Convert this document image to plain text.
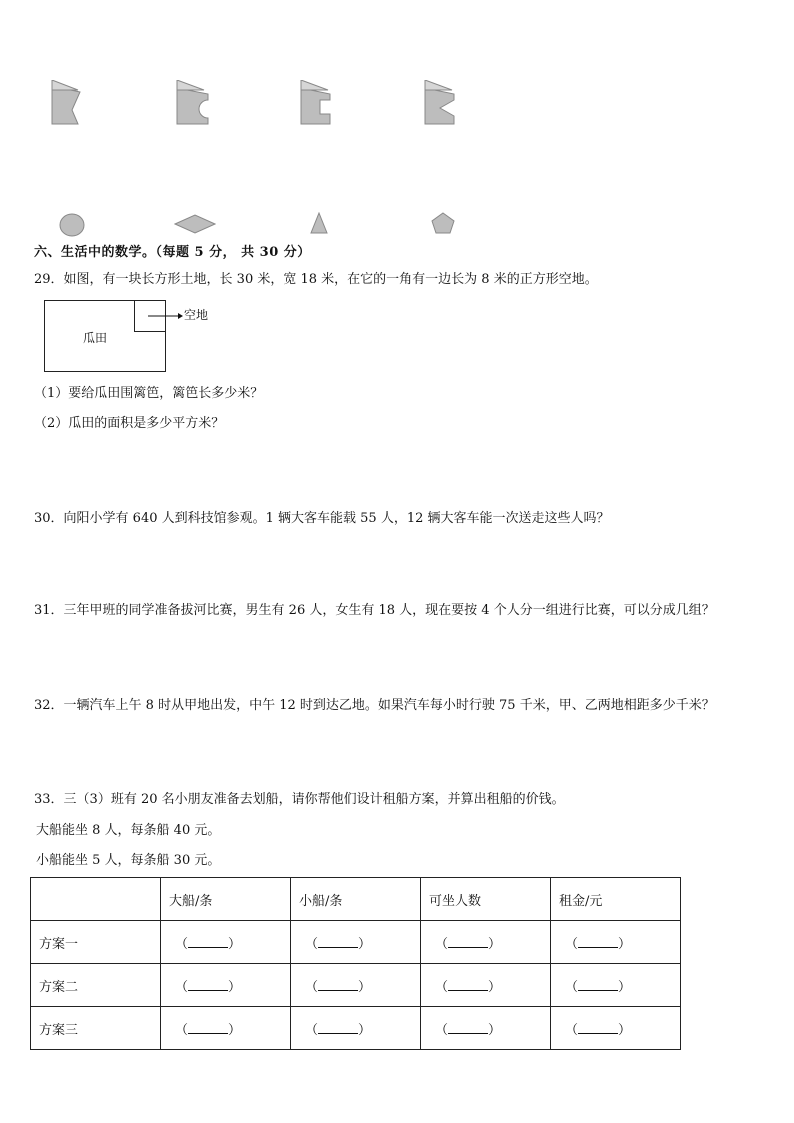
六、生活中的数学。（每题 5 分， 共 30 分）
29．如图，有一块长方形土地，长 30 米，宽 18 米，在它的一角有一边长为 8 米的正方形空地。
瓜田
空地
（1）要给瓜田围篱笆，篱笆长多少米？
（2）瓜田的面积是多少平方米？
30．向阳小学有 640 人到科技馆参观。1 辆大客车能载 55 人，12 辆大客车能一次送走这些人吗？
31．三年甲班的同学准备拔河比赛，男生有 26 人，女生有 18 人，现在要按 4 个人分一组进行比赛，可以分成几组？
32．一辆汽车上午 8 时从甲地出发，中午 12 时到达乙地。如果汽车每小时行驶 75 千米，甲、乙两地相距多少千米？
33．三（3）班有 20 名小朋友准备去划船，请你帮他们设计租船方案，并算出租船的价钱。
大船能坐 8 人，每条船 40 元。
小船能坐 5 人，每条船 30 元。
	大船/条	小船/条	可坐人数	租金/元
方案一	（ ）	（ ）	（ ）	（ ）
方案二	（ ）	（ ）	（ ）	（ ）
方案三	（ ）	（ ）	（ ）	（ ）
